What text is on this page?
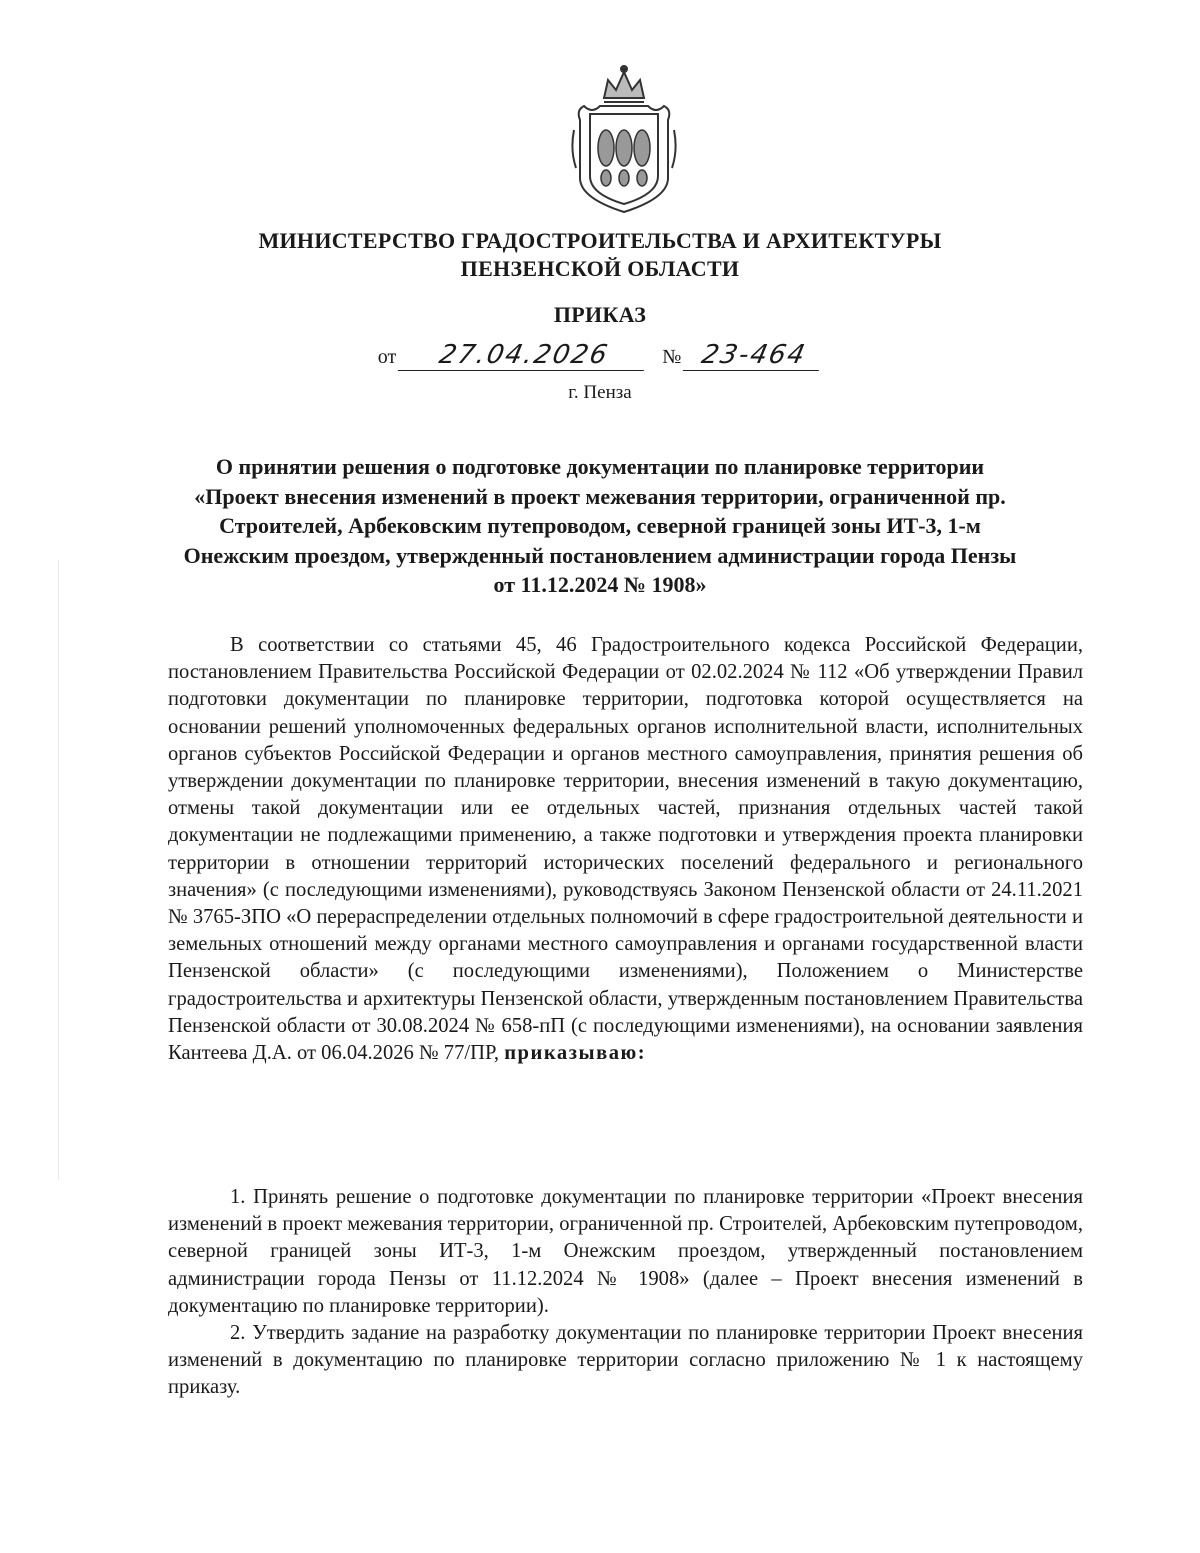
МИНИСТЕРСТВО ГРАДОСТРОИТЕЛЬСТВА И АРХИТЕКТУРЫ
ПЕНЗЕНСКОЙ ОБЛАСТИ
ПРИКАЗ
от 27.04.2026	№ 23-464
г. Пенза
О принятии решения о подготовке документации по планировке территории «Проект внесения изменений в проект межевания территории, ограниченной пр. Строителей, Арбековским путепроводом, северной границей зоны ИТ-3, 1-м Онежским проездом, утвержденный постановлением администрации города Пензы от 11.12.2024 № 1908»
В соответствии со статьями 45, 46 Градостроительного кодекса Российской Федерации, постановлением Правительства Российской Федерации от 02.02.2024 № 112 «Об утверждении Правил подготовки документации по планировке территории, подготовка которой осуществляется на основании решений уполномоченных федеральных органов исполнительной власти, исполнительных органов субъектов Российской Федерации и органов местного самоуправления, принятия решения об утверждении документации по планировке территории, внесения изменений в такую документацию, отмены такой документации или ее отдельных частей, признания отдельных частей такой документации не подлежащими применению, а также подготовки и утверждения проекта планировки территории в отношении территорий исторических поселений федерального и регионального значения» (с последующими изменениями), руководствуясь Законом Пензенской области от 24.11.2021 № 3765-ЗПО «О перераспределении отдельных полномочий в сфере градостроительной деятельности и земельных отношений между органами местного самоуправления и органами государственной власти Пензенской области» (с последующими изменениями), Положением о Министерстве градостроительства и архитектуры Пензенской области, утвержденным постановлением Правительства Пензенской области от 30.08.2024 № 658-пП (с последующими изменениями), на основании заявления Кантеева Д.А. от 06.04.2026 № 77/ПР, приказываю:
1. Принять решение о подготовке документации по планировке территории «Проект внесения изменений в проект межевания территории, ограниченной пр. Строителей, Арбековским путепроводом, северной границей зоны ИТ-3, 1-м Онежским проездом, утвержденный постановлением администрации города Пензы от 11.12.2024 № 1908» (далее – Проект внесения изменений в документацию по планировке территории).
2. Утвердить задание на разработку документации по планировке территории Проект внесения изменений в документацию по планировке территории согласно приложению № 1 к настоящему приказу.
